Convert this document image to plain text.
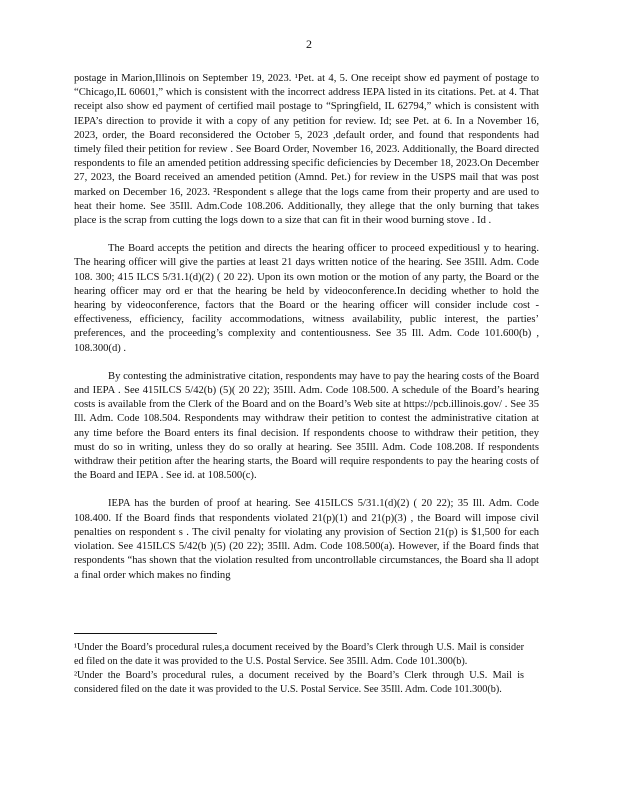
2

postage in Marion,Illinois on September 19, 2023. ¹Pet. at 4, 5. One receipt show ed payment of postage to “Chicago,IL 60601,” which is consistent with the incorrect address IEPA listed in its citations. Pet. at 4. That receipt also show ed payment of certified mail postage to “Springfield, IL 62794,” which is consistent with IEPA’s direction to provide it with a copy of any petition for review. Id; see Pet. at 6. In a November 16, 2023, order, the Board reconsidered the October 5, 2023 ,default order, and found that respondents had timely filed their petition for review . See Board Order, November 16, 2023. Additionally, the Board directed respondents to file an amended petition addressing specific deficiencies by December 18, 2023.On December 27, 2023, the Board received an amended petition (Amnd. Pet.) for review in the USPS mail that was post marked on December 16, 2023. ²Respondent s allege that the logs came from their property and are used to heat their home. See 35Ill. Adm.Code 108.206. Additionally, they allege that the only burning that takes place is the scrap from cutting the logs down to a size that can fit in their wood burning stove . Id .

The Board accepts the petition and directs the hearing officer to proceed expeditiousl y to hearing. The hearing officer will give the parties at least 21 days written notice of the hearing. See 35Ill. Adm. Code 108. 300; 415 ILCS 5/31.1(d)(2) ( 20 22). Upon its own motion or the motion of any party, the Board or the hearing officer may ord er that the hearing be held by videoconference.In deciding whether to hold the hearing by videoconference, factors that the Board or the hearing officer will consider include cost -effectiveness, efficiency, facility accommodations, witness availability, public interest, the parties’ preferences, and the proceeding’s complexity and contentiousness. See 35 Ill. Adm. Code 101.600(b) , 108.300(d) .

By contesting the administrative citation, respondents may have to pay the hearing costs of the Board and IEPA . See 415ILCS 5/42(b) (5)( 20 22); 35Ill. Adm. Code 108.500. A schedule of the Board’s hearing costs is available from the Clerk of the Board and on the Board’s Web site at https://pcb.illinois.gov/ . See 35 Ill. Adm. Code 108.504. Respondents may withdraw their petition to contest the administrative citation at any time before the Board enters its final decision. If respondents choose to withdraw their petition, they must do so in writing, unless they do so orally at hearing. See 35Ill. Adm. Code 108.208. If respondents withdraw their petition after the hearing starts, the Board will require respondents to pay the hearing costs of the Board and IEPA . See id. at 108.500(c).

IEPA has the burden of proof at hearing. See 415ILCS 5/31.1(d)(2) ( 20 22); 35 Ill. Adm. Code 108.400. If the Board finds that respondents violated 21(p)(1) and 21(p)(3) , the Board will impose civil penalties on respondent s . The civil penalty for violating any provision of Section 21(p) is $1,500 for each violation. See 415ILCS 5/42(b )(5) (20 22); 35Ill. Adm. Code 108.500(a). However, if the Board finds that respondents “has shown that the violation resulted from uncontrollable circumstances, the Board sha ll adopt a final order which makes no finding

¹Under the Board’s procedural rules,a document received by the Board’s Clerk through U.S. Mail is consider ed filed on the date it was provided to the U.S. Postal Service. See 35Ill. Adm. Code 101.300(b).

²Under the Board’s procedural rules, a document received by the Board’s Clerk through U.S. Mail is considered filed on the date it was provided to the U.S. Postal Service. See 35Ill. Adm. Code 101.300(b).
